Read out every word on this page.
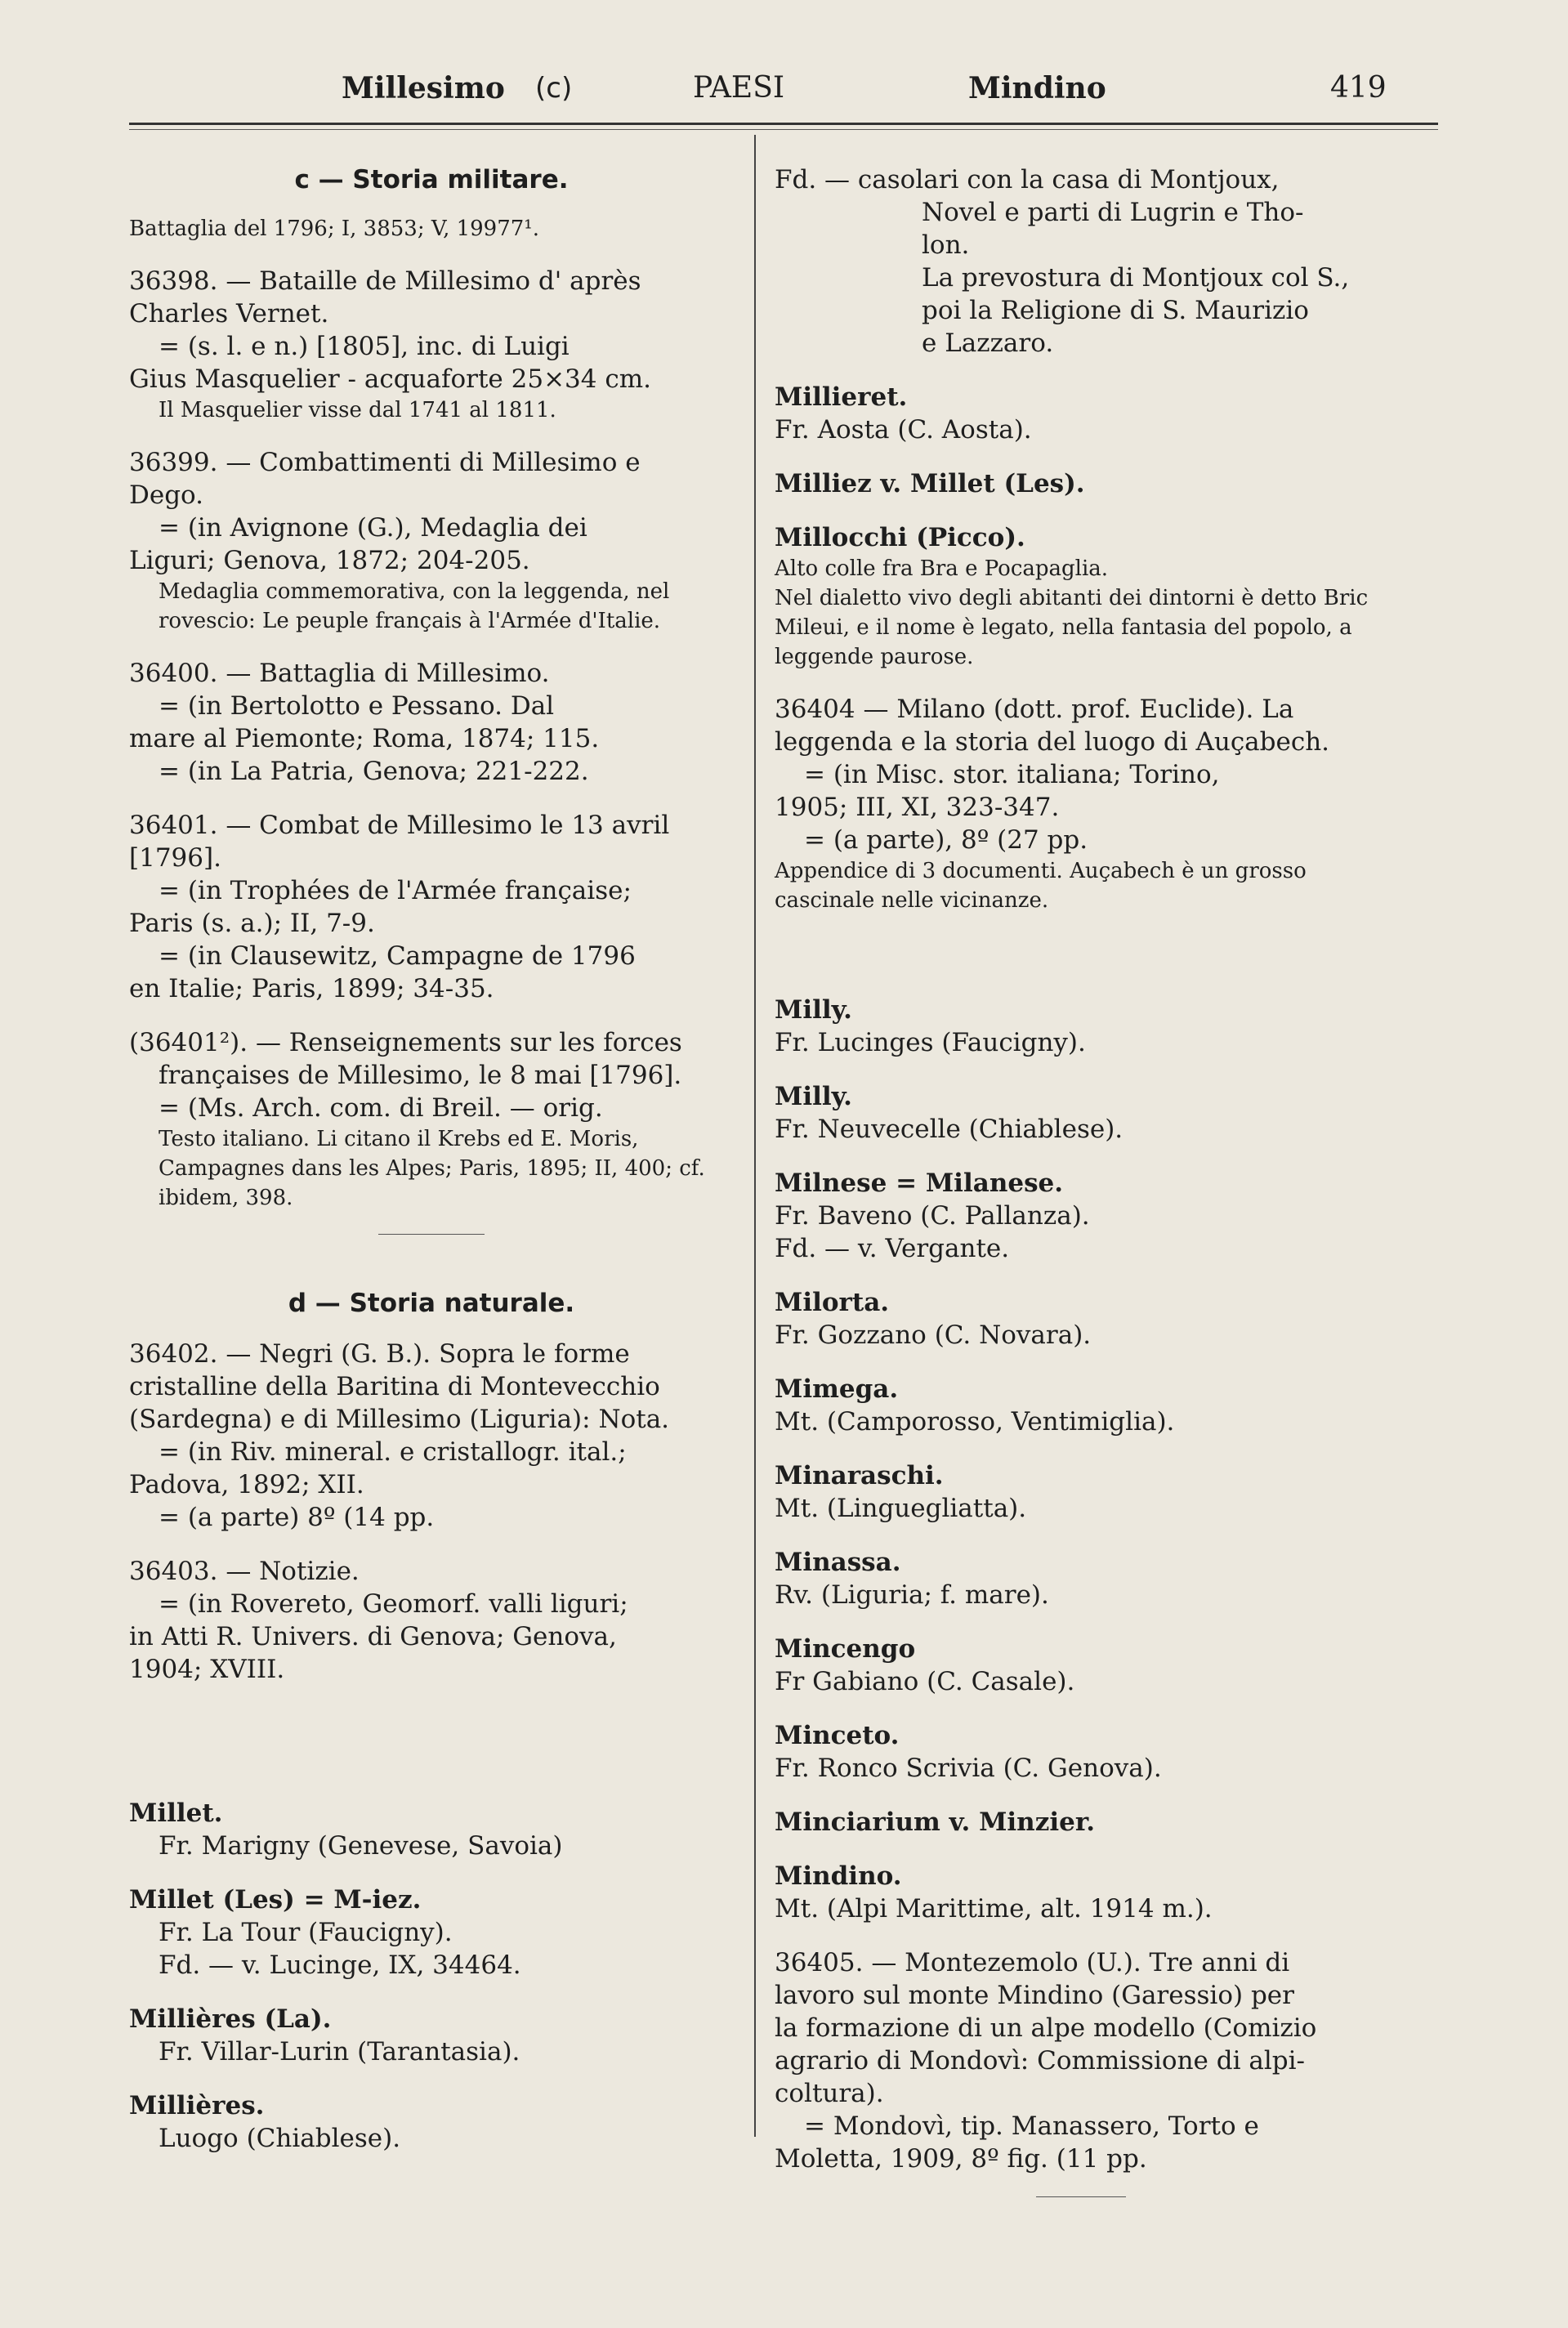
Millesimo (c)	PAESI	Mindino	419
c — Storia militare.
Battaglia del 1796; I, 3853; V, 19977¹.
36398. — Bataille de Millesimo d' après
Charles Vernet.
= (s. l. e n.) [1805], inc. di Luigi
Gius Masquelier - acquaforte 25×34 cm.
Il Masquelier visse dal 1741 al 1811.
36399. — Combattimenti di Millesimo e
Dego.
= (in Avignone (G.), Medaglia dei
Liguri; Genova, 1872; 204-205.
Medaglia commemorativa, con la leggenda, nel rovescio: Le peuple français à l'Armée d'Italie.
36400. — Battaglia di Millesimo.
= (in Bertolotto e Pessano. Dal
mare al Piemonte; Roma, 1874; 115.
= (in La Patria, Genova; 221-222.
36401. — Combat de Millesimo le 13 avril
[1796].
= (in Trophées de l'Armée française;
Paris (s. a.); II, 7-9.
= (in Clausewitz, Campagne de 1796
en Italie; Paris, 1899; 34-35.
(36401²). — Renseignements sur les forces
françaises de Millesimo, le 8 mai [1796].
= (Ms. Arch. com. di Breil. — orig.
Testo italiano. Li citano il Krebs ed E. Moris, Campagnes dans les Alpes; Paris, 1895; II, 400; cf. ibidem, 398.
d — Storia naturale.
36402. — Negri (G. B.). Sopra le forme
cristalline della Baritina di Montevecchio
(Sardegna) e di Millesimo (Liguria): Nota.
= (in Riv. mineral. e cristallogr. ital.;
Padova, 1892; XII.
= (a parte) 8º (14 pp.
36403. — Notizie.
= (in Rovereto, Geomorf. valli liguri;
in Atti R. Univers. di Genova; Genova,
1904; XVIII.
Millet.
Fr. Marigny (Genevese, Savoia)
Millet (Les) = M-iez.
Fr. La Tour (Faucigny).
Fd. — v. Lucinge, IX, 34464.
Millières (La).
Fr. Villar-Lurin (Tarantasia).
Millières.
Luogo (Chiablese).
Fd. — casolari con la casa di Montjoux,
Novel e parti di Lugrin e Tho-
lon.
La prevostura di Montjoux col S.,
poi la Religione di S. Maurizio
e Lazzaro.
Millieret.
Fr. Aosta (C. Aosta).
Milliez v. Millet (Les).
Millocchi (Picco).
Alto colle fra Bra e Pocapaglia.
Nel dialetto vivo degli abitanti dei dintorni è detto Bric Mileui, e il nome è legato, nella fantasia del popolo, a leggende paurose.
36404 — Milano (dott. prof. Euclide). La
leggenda e la storia del luogo di Auçabech.
= (in Misc. stor. italiana; Torino,
1905; III, XI, 323-347.
= (a parte), 8º (27 pp.
Appendice di 3 documenti. Auçabech è un grosso cascinale nelle vicinanze.
Milly.
Fr. Lucinges (Faucigny).
Milly.
Fr. Neuvecelle (Chiablese).
Milnese = Milanese.
Fr. Baveno (C. Pallanza).
Fd. — v. Vergante.
Milorta.
Fr. Gozzano (C. Novara).
Mimega.
Mt. (Camporosso, Ventimiglia).
Minaraschi.
Mt. (Linguegliatta).
Minassa.
Rv. (Liguria; f. mare).
Mincengo
Fr Gabiano (C. Casale).
Minceto.
Fr. Ronco Scrivia (C. Genova).
Minciarium v. Minzier.
Mindino.
Mt. (Alpi Marittime, alt. 1914 m.).
36405. — Montezemolo (U.). Tre anni di
lavoro sul monte Mindino (Garessio) per
la formazione di un alpe modello (Comizio
agrario di Mondovì: Commissione di alpi-
coltura).
= Mondovì, tip. Manassero, Torto e
Moletta, 1909, 8º fig. (11 pp.
